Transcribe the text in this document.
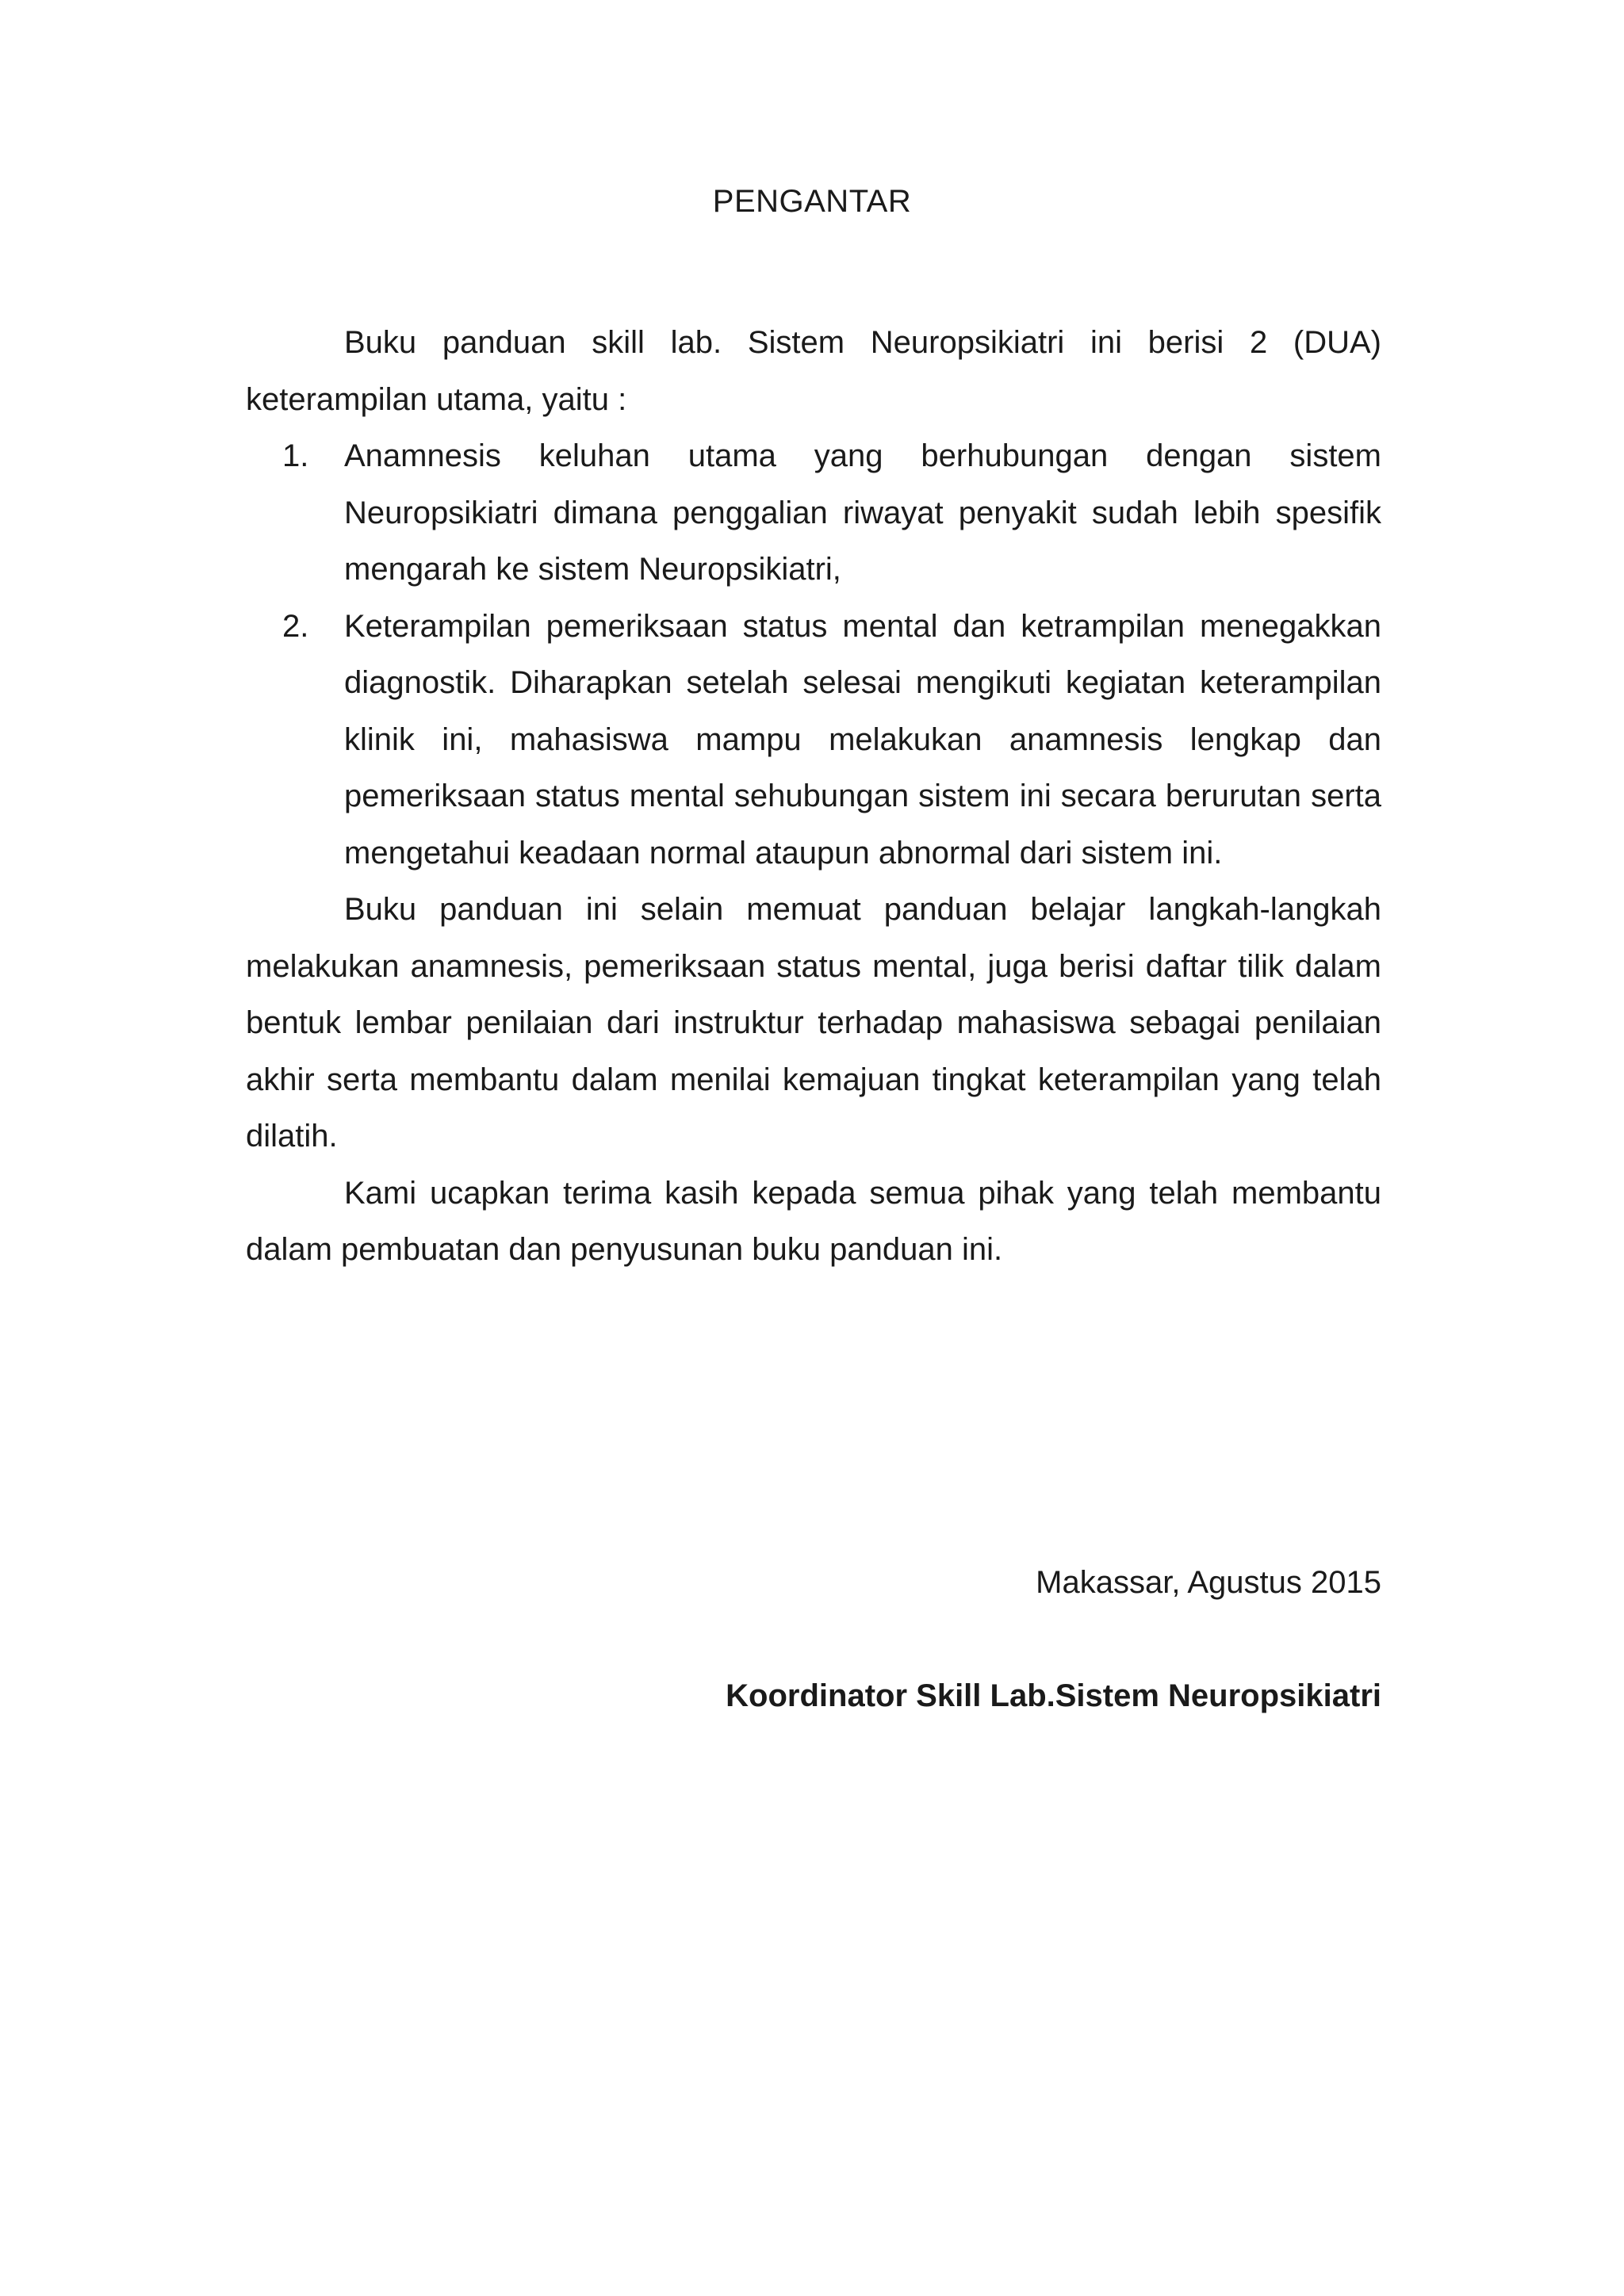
PENGANTAR

Buku panduan skill lab. Sistem Neuropsikiatri ini berisi 2 (DUA) keterampilan utama, yaitu :

1. Anamnesis keluhan utama yang berhubungan dengan sistem Neuropsikiatri dimana penggalian riwayat penyakit sudah lebih spesifik mengarah ke sistem Neuropsikiatri,
2. Keterampilan pemeriksaan status mental dan ketrampilan menegakkan diagnostik. Diharapkan setelah selesai mengikuti kegiatan keterampilan klinik ini, mahasiswa mampu melakukan anamnesis lengkap dan pemeriksaan status mental sehubungan sistem ini secara berurutan serta mengetahui keadaan normal ataupun abnormal dari sistem ini.

Buku panduan ini selain memuat panduan belajar langkah-langkah melakukan anamnesis, pemeriksaan status mental, juga berisi daftar tilik dalam bentuk lembar penilaian dari instruktur terhadap mahasiswa sebagai penilaian akhir serta membantu dalam menilai kemajuan tingkat keterampilan yang telah dilatih.

Kami ucapkan terima kasih kepada semua pihak yang telah membantu dalam pembuatan dan penyusunan buku panduan ini.

Makassar, Agustus 2015

Koordinator Skill Lab.Sistem Neuropsikiatri
